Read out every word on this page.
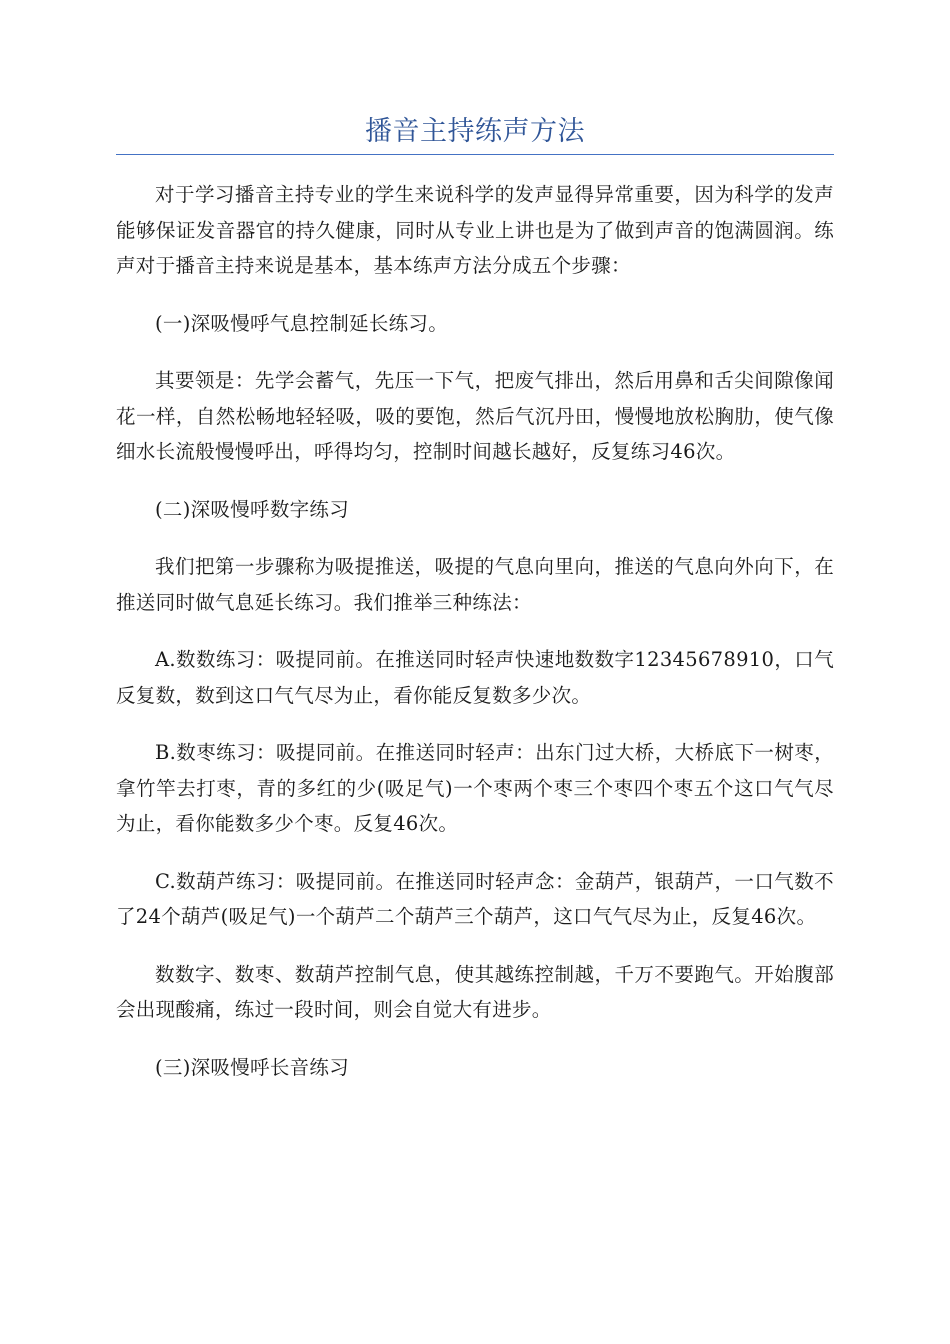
播音主持练声方法

对于学习播音主持专业的学生来说科学的发声显得异常重要，因为科学的发声能够保证发音器官的持久健康，同时从专业上讲也是为了做到声音的饱满圆润。练声对于播音主持来说是基本，基本练声方法分成五个步骤：

(一)深吸慢呼气息控制延长练习。

其要领是：先学会蓄气，先压一下气，把废气排出，然后用鼻和舌尖间隙像闻花一样，自然松畅地轻轻吸，吸的要饱，然后气沉丹田，慢慢地放松胸肋，使气像细水长流般慢慢呼出，呼得均匀，控制时间越长越好，反复练习46次。

(二)深吸慢呼数字练习

我们把第一步骤称为吸提推送，吸提的气息向里向，推送的气息向外向下，在推送同时做气息延长练习。我们推举三种练法：

A.数数练习：吸提同前。在推送同时轻声快速地数数字12345678910，口气反复数，数到这口气气尽为止，看你能反复数多少次。

B.数枣练习：吸提同前。在推送同时轻声：出东门过大桥，大桥底下一树枣，拿竹竿去打枣，青的多红的少(吸足气)一个枣两个枣三个枣四个枣五个这口气气尽为止，看你能数多少个枣。反复46次。

C.数葫芦练习：吸提同前。在推送同时轻声念：金葫芦，银葫芦，一口气数不了24个葫芦(吸足气)一个葫芦二个葫芦三个葫芦，这口气气尽为止，反复46次。

数数字、数枣、数葫芦控制气息，使其越练控制越，千万不要跑气。开始腹部会出现酸痛，练过一段时间，则会自觉大有进步。

(三)深吸慢呼长音练习
